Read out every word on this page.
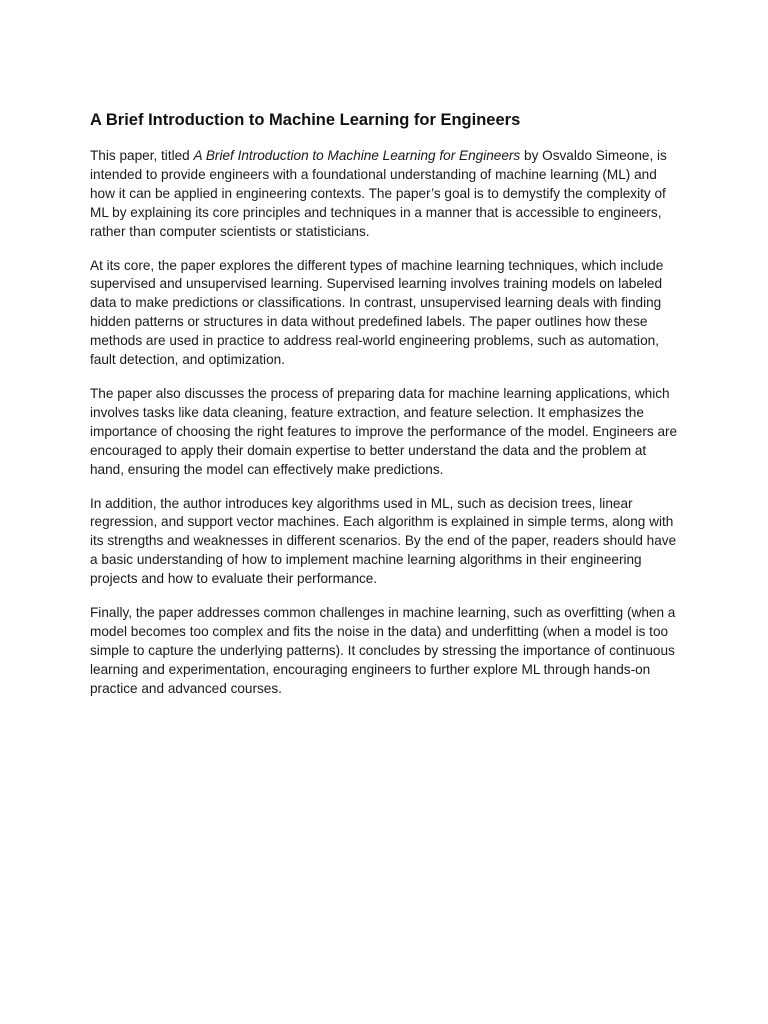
A Brief Introduction to Machine Learning for Engineers

This paper, titled A Brief Introduction to Machine Learning for Engineers by Osvaldo Simeone, is intended to provide engineers with a foundational understanding of machine learning (ML) and how it can be applied in engineering contexts. The paper’s goal is to demystify the complexity of ML by explaining its core principles and techniques in a manner that is accessible to engineers, rather than computer scientists or statisticians.

At its core, the paper explores the different types of machine learning techniques, which include supervised and unsupervised learning. Supervised learning involves training models on labeled data to make predictions or classifications. In contrast, unsupervised learning deals with finding hidden patterns or structures in data without predefined labels. The paper outlines how these methods are used in practice to address real-world engineering problems, such as automation, fault detection, and optimization.

The paper also discusses the process of preparing data for machine learning applications, which involves tasks like data cleaning, feature extraction, and feature selection. It emphasizes the importance of choosing the right features to improve the performance of the model. Engineers are encouraged to apply their domain expertise to better understand the data and the problem at hand, ensuring the model can effectively make predictions.

In addition, the author introduces key algorithms used in ML, such as decision trees, linear regression, and support vector machines. Each algorithm is explained in simple terms, along with its strengths and weaknesses in different scenarios. By the end of the paper, readers should have a basic understanding of how to implement machine learning algorithms in their engineering projects and how to evaluate their performance.

Finally, the paper addresses common challenges in machine learning, such as overfitting (when a model becomes too complex and fits the noise in the data) and underfitting (when a model is too simple to capture the underlying patterns). It concludes by stressing the importance of continuous learning and experimentation, encouraging engineers to further explore ML through hands-on practice and advanced courses.
